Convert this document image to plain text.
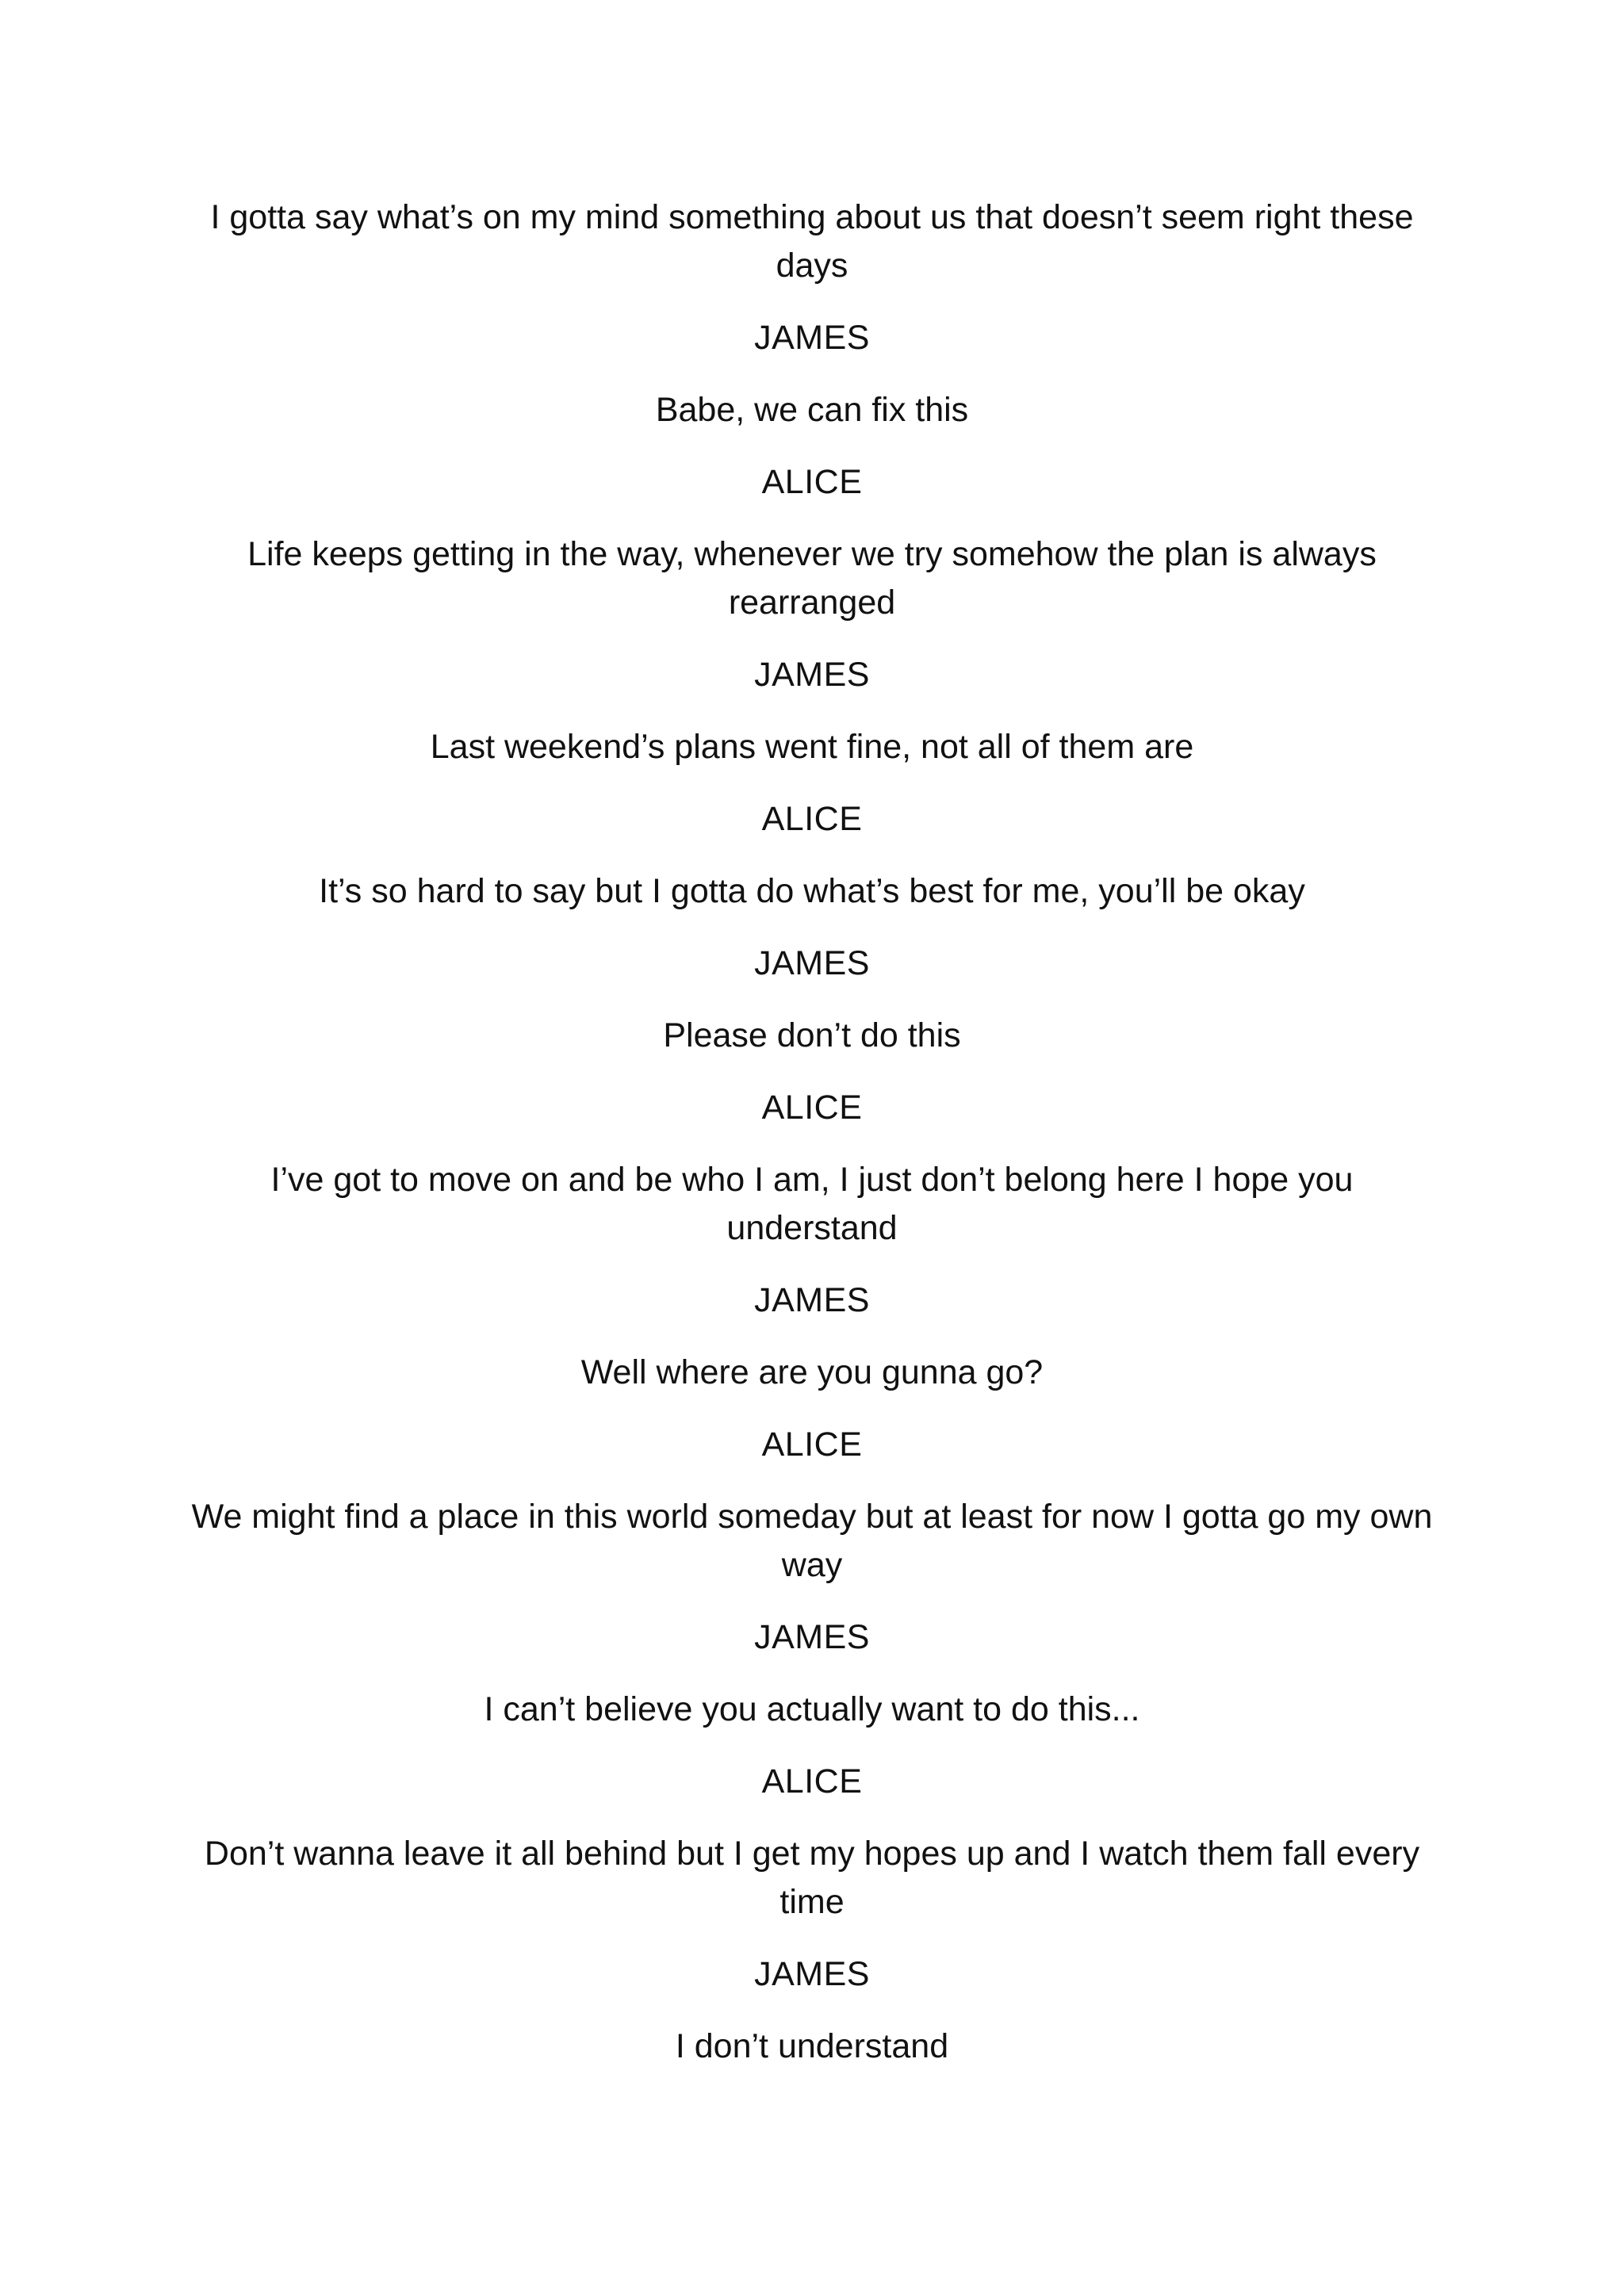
I gotta say what’s on my mind something about us that doesn’t seem right these days

JAMES

Babe, we can fix this

ALICE

Life keeps getting in the way, whenever we try somehow the plan is always rearranged

JAMES

Last weekend’s plans went fine, not all of them are

ALICE

It’s so hard to say but I gotta do what’s best for me, you’ll be okay

JAMES

Please don’t do this

ALICE

I’ve got to move on and be who I am, I just don’t belong here I hope you understand

JAMES

Well where are you gunna go?

ALICE

We might find a place in this world someday but at least for now I gotta go my own way

JAMES

I can’t believe you actually want to do this...

ALICE

Don’t wanna leave it all behind but I get my hopes up and I watch them fall every time

JAMES

I don’t understand
